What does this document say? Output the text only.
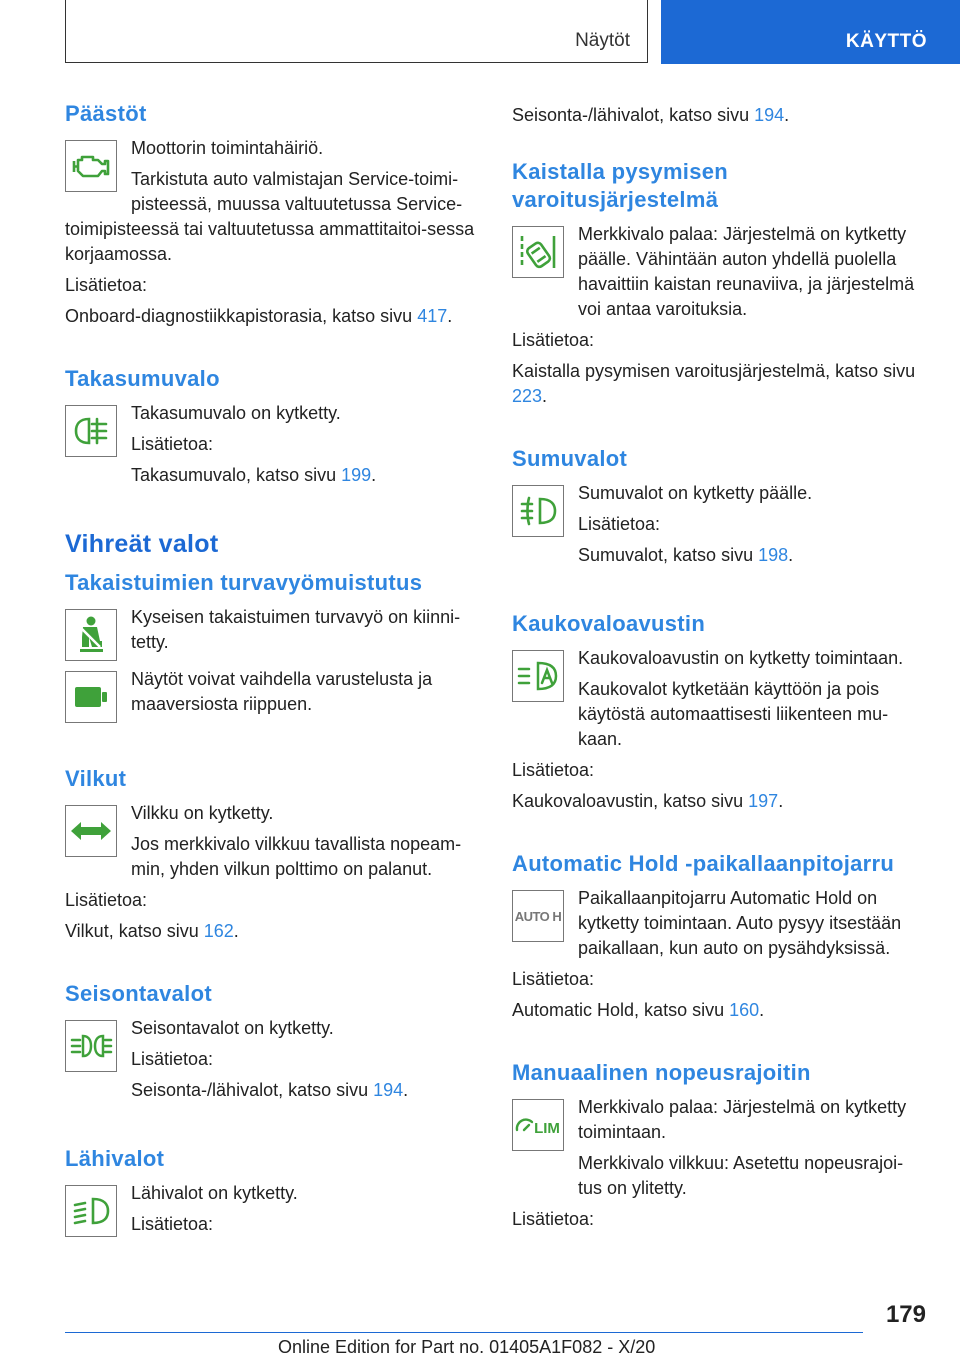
Näytöt	KÄYTTÖ
Päästöt

Moottorin toimintahäiriö.

Tarkistuta auto valmistajan Service-toimi-pisteessä, muussa valtuutetussa Service-toimipisteessä tai valtuutetussa ammattitaitoi-sessa korjaamossa.

Lisätietoa:

Onboard-diagnostiikkapistorasia, katso sivu 417.

Takasumuvalo

Takasumuvalo on kytketty.

Lisätietoa:

Takasumuvalo, katso sivu 199.

Vihreät valot
Takaistuimien turvavyömuistutus

Kyseisen takaistuimen turvavyö on kiinni-tetty.

Näytöt voivat vaihdella varustelusta ja maaversiosta riippuen.

Vilkut

Vilkku on kytketty.

Jos merkkivalo vilkkuu tavallista nopeam-min, yhden vilkun polttimo on palanut.

Lisätietoa:

Vilkut, katso sivu 162.

Seisontavalot

Seisontavalot on kytketty.

Lisätietoa:

Seisonta-/lähivalot, katso sivu 194.

Lähivalot

Lähivalot on kytketty.

Lisätietoa:

Seisonta-/lähivalot, katso sivu 194.

Kaistalla pysymisen varoitusjärjestelmä

Merkkivalo palaa: Järjestelmä on kytketty päälle. Vähintään auton yhdellä puolella havaittiin kaistan reunaviiva, ja järjestelmä voi antaa varoituksia.

Lisätietoa:

Kaistalla pysymisen varoitusjärjestelmä, katso sivu 223.

Sumuvalot

Sumuvalot on kytketty päälle.

Lisätietoa:

Sumuvalot, katso sivu 198.

Kaukovaloavustin

Kaukovaloavustin on kytketty toimintaan.

Kaukovalot kytketään käyttöön ja pois käytöstä automaattisesti liikenteen mu-kaan.

Lisätietoa:

Kaukovaloavustin, katso sivu 197.

Automatic Hold -paikallaanpitojarru
AUTO H

Paikallaanpitojarru Automatic Hold on kytketty toimintaan. Auto pysyy itsestään paikallaan, kun auto on pysähdyksissä.

Lisätietoa:

Automatic Hold, katso sivu 160.

Manuaalinen nopeusrajoitin
LIM

Merkkivalo palaa: Järjestelmä on kytketty toimintaan.

Merkkivalo vilkkuu: Asetettu nopeusrajoi-tus on ylitetty.

Lisätietoa:

179
Online Edition for Part no. 01405A1F082 - X/20
